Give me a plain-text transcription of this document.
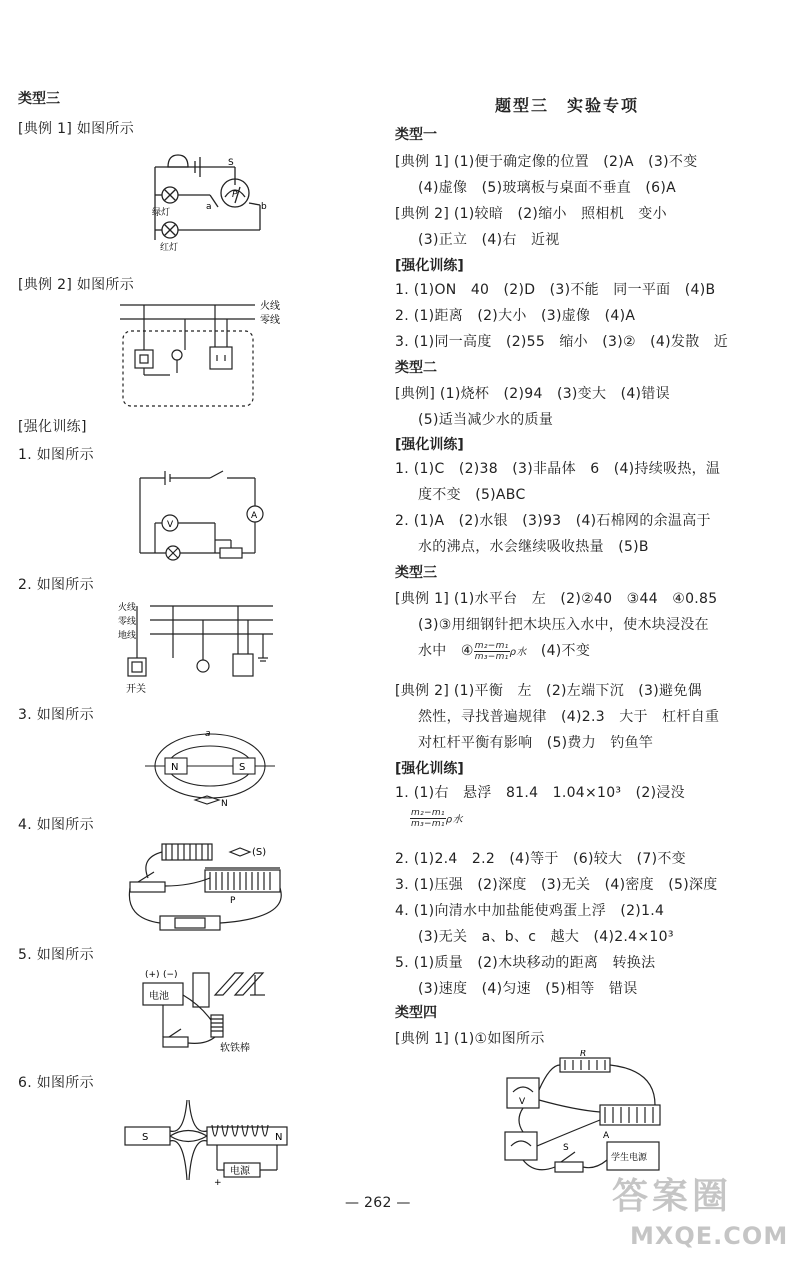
类型三
[典例 1] 如图所示
S
P
a	b
绿灯
红灯
[典例 2] 如图所示
火线
零线
[强化训练]
1. 如图所示
V
A
2. 如图所示
火线
零线
地线
开关
3. 如图所示
N	S
a
N
4. 如图所示
(S)
P
5. 如图所示
(+) (−)
电池
软铁棒
6. 如图所示
S	N
电源
+
题型三　实验专项
类型一
[典例 1] (1)便于确定像的位置　(2)A　(3)不变
(4)虚像　(5)玻璃板与桌面不垂直　(6)A
[典例 2] (1)较暗　(2)缩小　照相机　变小
(3)正立　(4)右　近视
[强化训练]
1. (1)ON　40　(2)D　(3)不能　同一平面　(4)B
2. (1)距离　(2)大小　(3)虚像　(4)A
3. (1)同一高度　(2)55　缩小　(3)②　(4)发散　近
类型二
[典例] (1)烧杯　(2)94　(3)变大　(4)错误
(5)适当减少水的质量
[强化训练]
1. (1)C　(2)38　(3)非晶体　6　(4)持续吸热，温
度不变　(5)ABC
2. (1)A　(2)水银　(3)93　(4)石棉网的余温高于
水的沸点，水会继续吸收热量　(5)B
类型三
[典例 1] (1)水平台　左　(2)②40　③44　④0.85
(3)③用细钢针把木块压入水中，使木块浸没在
水中　④ $\frac{\text{m₂−m₁}}{\text{m₃−m₁}}$ ρ水　(4)不变
[典例 2] (1)平衡　左　(2)左端下沉　(3)避免偶
然性，寻找普遍规律　(4)2.3　大于　杠杆自重
对杠杆平衡有影响　(5)费力　钓鱼竿
[强化训练]
1. (1)右　悬浮　81.4　1.04×10³　(2)浸没
$\frac{\text{m₂−m₁}}{\text{m₃−m₁}}$ ρ水
2. (1)2.4　2.2　(4)等于　(6)较大　(7)不变
3. (1)压强　(2)深度　(3)无关　(4)密度　(5)深度
4. (1)向清水中加盐能使鸡蛋上浮　(2)1.4
(3)无关　a、b、c　越大　(4)2.4×10³
5. (1)质量　(2)木块移动的距离　转换法
(3)速度　(4)匀速　(5)相等　错误
类型四
[典例 1] (1)①如图所示
R
V
A
S
学生电源
— 262 —	答案圈
MXQE.COM
